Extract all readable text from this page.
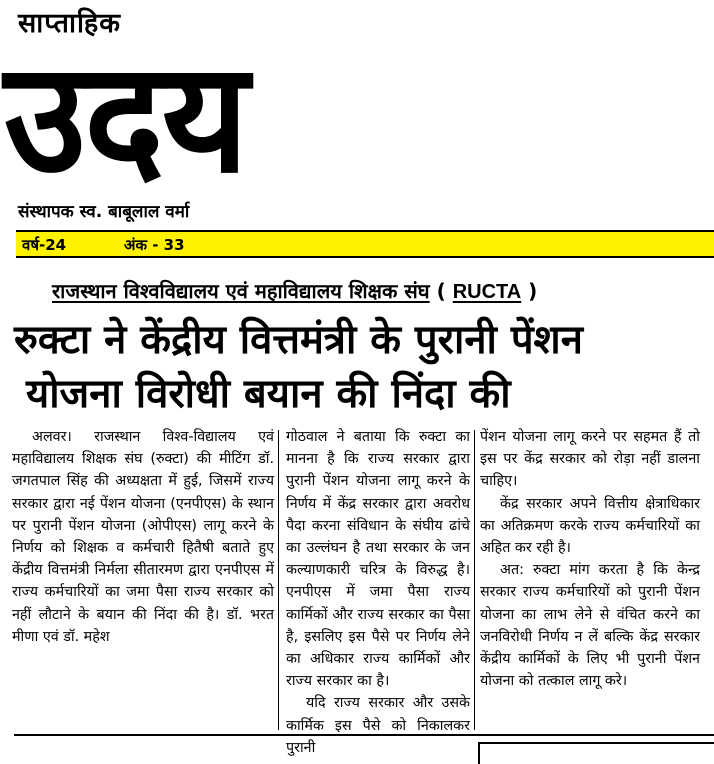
साप्ताहिक
उदय
संस्थापक स्व. बाबूलाल वर्मा
वर्ष-24	अंक - 33
राजस्थान विश्वविद्यालय एवं महाविद्यालय शिक्षक संघ ( RUCTA )
रुक्टा ने केंद्रीय वित्तमंत्री के पुरानी पेंशन
योजना विरोधी बयान की निंदा की

अलवर। राजस्थान विश्व-विद्यालय एवं महाविद्यालय शिक्षक संघ (रुक्टा) की मीटिंग डॉ. जगतपाल सिंह की अध्यक्षता में हुई, जिसमें राज्य सरकार द्वारा नई पेंशन योजना (एनपीएस) के स्थान पर पुरानी पेंशन योजना (ओपीएस) लागू करने के निर्णय को शिक्षक व कर्मचारी हितैषी बताते हुए केंद्रीय वित्तमंत्री निर्मला सीतारमण द्वारा एनपीएस में राज्य कर्मचारियों का जमा पैसा राज्य सरकार को नहीं लौटाने के बयान की निंदा की है। डॉ. भरत मीणा एवं डॉ. महेश

गोठवाल ने बताया कि रुक्टा का मानना है कि राज्य सरकार द्वारा पुरानी पेंशन योजना लागू करने के निर्णय में केंद्र सरकार द्वारा अवरोध पैदा करना संविधान के संघीय ढांचे का उल्लंघन है तथा सरकार के जन कल्याणकारी चरित्र के विरुद्ध है। एनपीएस में जमा पैसा राज्य कार्मिकों और राज्य सरकार का पैसा है, इसलिए इस पैसे पर निर्णय लेने का अधिकार राज्य कार्मिकों और राज्य सरकार का है।

यदि राज्य सरकार और उसके कार्मिक इस पैसे को निकालकर पुरानी

पेंशन योजना लागू करने पर सहमत हैं तो इस पर केंद्र सरकार को रोड़ा नहीं डालना चाहिए।

केंद्र सरकार अपने वित्तीय क्षेत्राधिकार का अतिक्रमण करके राज्य कर्मचारियों का अहित कर रही है।

अत: रुक्टा मांग करता है कि केन्द्र सरकार राज्य कर्मचारियों को पुरानी पेंशन योजना का लाभ लेने से वंचित करने का जनविरोधी निर्णय न लें बल्कि केंद्र सरकार केंद्रीय कार्मिकों के लिए भी पुरानी पेंशन योजना को तत्काल लागू करे।
